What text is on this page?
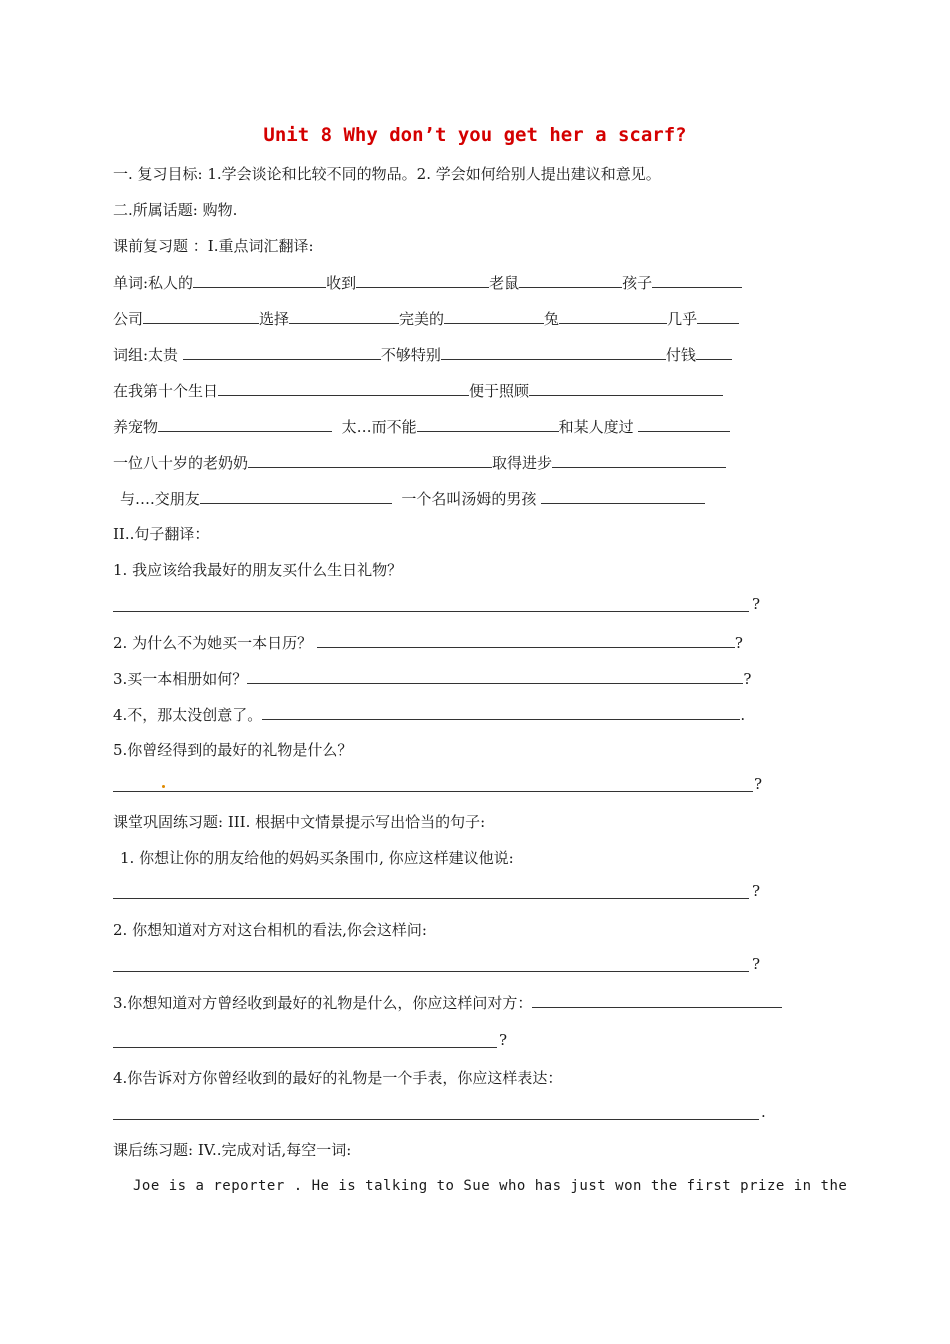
Unit 8 Why don’t you get her a scarf?
一. 复习目标: 1.学会谈论和比较不同的物品。2. 学会如何给别人提出建议和意见。
二.所属话题: 购物.
课前复习题 ：I.重点词汇翻译:
单词:私人的	收到	老鼠	孩子
公司	选择	完美的	兔	几乎
词组:太贵	不够特别	付钱
在我第十个生日	便于照顾
养宠物	太…而不能	和某人度过
一位八十岁的老奶奶	取得进步
与….交朋友	一个名叫汤姆的男孩
II..句子翻译：
1. 我应该给我最好的朋友买什么生日礼物？
?
2. 为什么不为她买一本日历？	?
3.买一本相册如何？	?
4.不，那太没创意了。	.
5.你曾经得到的最好的礼物是什么？
?
课堂巩固练习题: III. 根据中文情景提示写出恰当的句子:
1. 你想让你的朋友给他的妈妈买条围巾, 你应这样建议他说:
?
2. 你想知道对方对这台相机的看法,你会这样问:
?
3.你想知道对方曾经收到最好的礼物是什么，你应这样问对方：
?
4.你告诉对方你曾经收到的最好的礼物是一个手表，你应这样表达：
.
课后练习题: IV..完成对话,每空一词:
Joe is a reporter . He is talking to Sue who has just won the first prize in the
